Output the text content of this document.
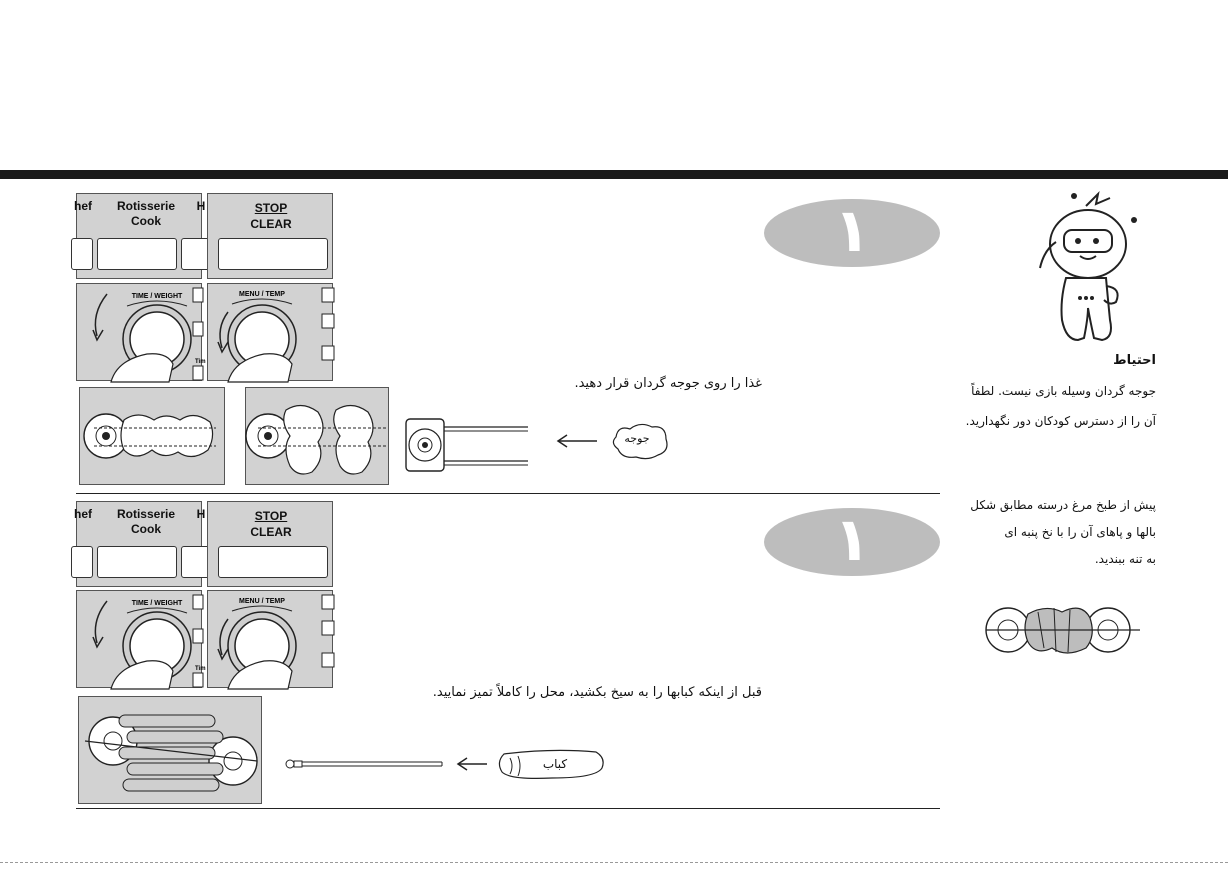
hef	Rotisserie
Cook
H	STOP
CLEAR
TIME / WEIGHT
Tim
MENU / TEMP
جوجه
۱
غذا را روی جوجه گردان قرار دهید.
hef	Rotisserie
Cook
H	STOP
CLEAR
TIME / WEIGHT
Tim
MENU / TEMP
کباب
۱
قبل از اینکه کبابها را به سیخ بکشید، محل را کاملاً تمیز نمایید.
احتیاط
جوجه گردان وسیله بازی نیست. لطفاً
آن را از دسترس کودکان دور نگهدارید.
پیش از طبخ مرغ درسته مطابق شکل
بالها و پاهای آن را با نخ پنبه ای
به تنه ببندید.
